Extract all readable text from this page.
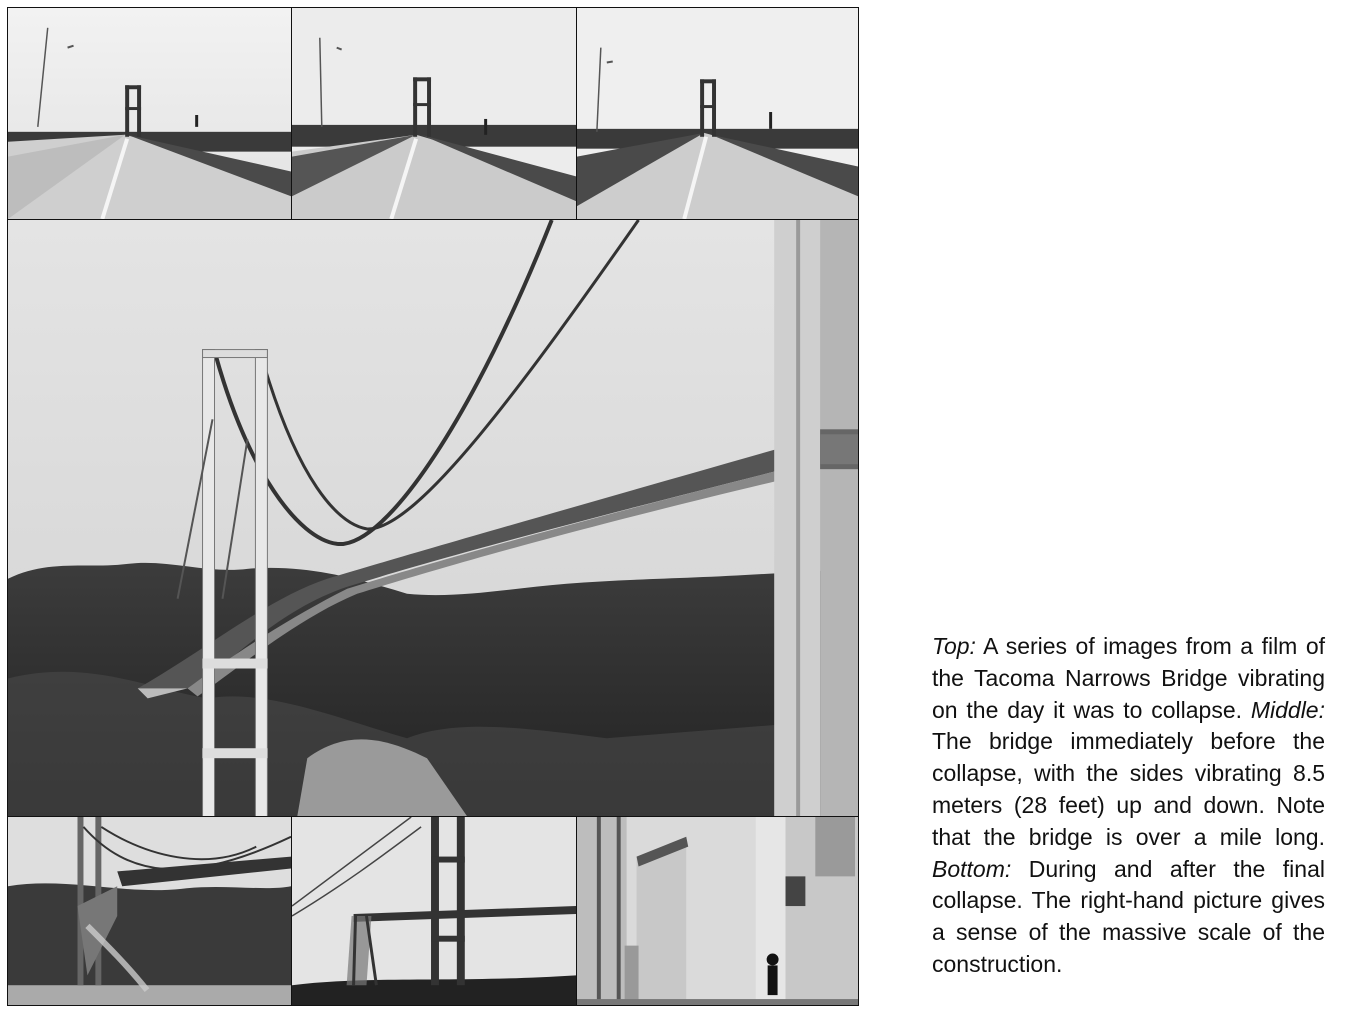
Top: A series of images from a film of the Tacoma Narrows Bridge vibrating on the day it was to collapse. Middle: The bridge immediately before the collapse, with the sides vibrating 8.5 meters (28 feet) up and down. Note that the bridge is over a mile long. Bottom: During and after the final collapse. The right-hand picture gives a sense of the massive scale of the construction.
